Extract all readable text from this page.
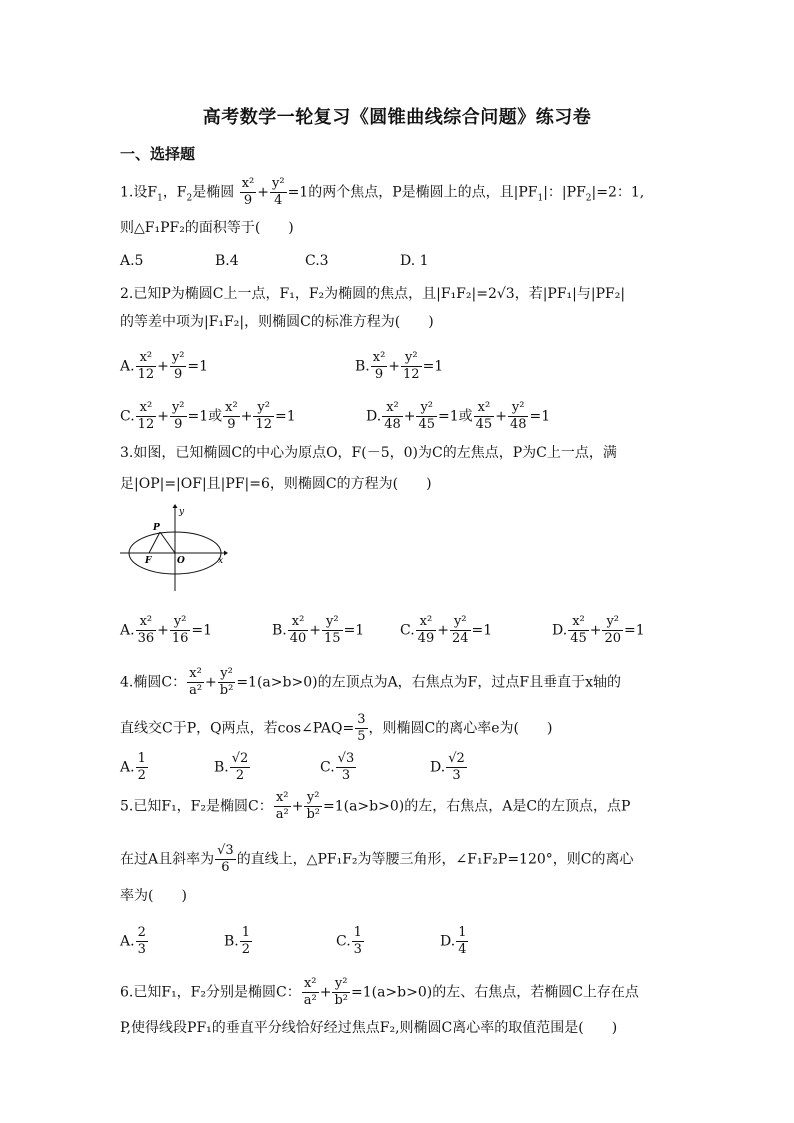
高考数学一轮复习《圆锥曲线综合问题》练习卷
一、选择题
1.设$F_1$，$F_2$是椭圆 $\frac{\text{x²}}{9} + \frac{\text{y²}}{4} =1$的两个焦点，P是椭圆上的点，且$|PF_1|$：$|PF_2|=2$：1,
则△F₁PF₂的面积等于(　　)
A.5	B.4	C.3	D. 1
2.已知P为椭圆C上一点，F₁，F₂为椭圆的焦点，且|F₁F₂|=2√3，若|PF₁|与|PF₂|
的等差中项为|F₁F₂|，则椭圆C的标准方程为(　　)
A. $\frac{\text{x²}}{12} + \frac{\text{y²}}{9} =1$	B. $\frac{\text{x²}}{9} + \frac{\text{y²}}{12} =1$
C. $\frac{\text{x²}}{12} + \frac{\text{y²}}{9} =1$或 $\frac{\text{x²}}{9} + \frac{\text{y²}}{12} =1$	D. $\frac{\text{x²}}{48} + \frac{\text{y²}}{45} =1$或 $\frac{\text{x²}}{45} + \frac{\text{y²}}{48} =1$
3.如图，已知椭圆C的中心为原点O，F(－5，0)为C的左焦点，P为C上一点，满
足|OP|=|OF|且|PF|=6，则椭圆C的方程为(　　)
y
x
P
F	O
A. $\frac{\text{x²}}{36} + \frac{\text{y²}}{16} =1$	B. $\frac{\text{x²}}{40} + \frac{\text{y²}}{15} =1$	C. $\frac{\text{x²}}{49} + \frac{\text{y²}}{24} =1$	D. $\frac{\text{x²}}{45} + \frac{\text{y²}}{20} =1$
4.椭圆C： $\frac{\text{x²}}{\text{a²}} + \frac{\text{y²}}{\text{b²}} =1(a>b>0)$的左顶点为A，右焦点为F，过点F且垂直于x轴的
直线交C于P，Q两点，若cos∠PAQ= $\frac{3}{5}$ ，则椭圆C的离心率e为(　　)
A. $\frac{1}{2}$	B. $\frac{√2}{2}$	C. $\frac{√3}{3}$	D. $\frac{√2}{3}$
5.已知F₁，F₂是椭圆C： $\frac{\text{x²}}{\text{a²}} + \frac{\text{y²}}{\text{b²}} =1(a>b>0)$的左，右焦点，A是C的左顶点，点P
在过A且斜率为 $\frac{√3}{6}$ 的直线上，△PF₁F₂为等腰三角形，∠F₁F₂P=120°，则C的离心
率为(　　)
A. $\frac{2}{3}$	B. $\frac{1}{2}$	C. $\frac{1}{3}$	D. $\frac{1}{4}$
6.已知F₁，F₂分别是椭圆C： $\frac{\text{x²}}{\text{a²}} + \frac{\text{y²}}{\text{b²}} =1(a>b>0)$的左、右焦点，若椭圆C上存在点
P,使得线段PF₁的垂直平分线恰好经过焦点F₂,则椭圆C离心率的取值范围是(　　)
